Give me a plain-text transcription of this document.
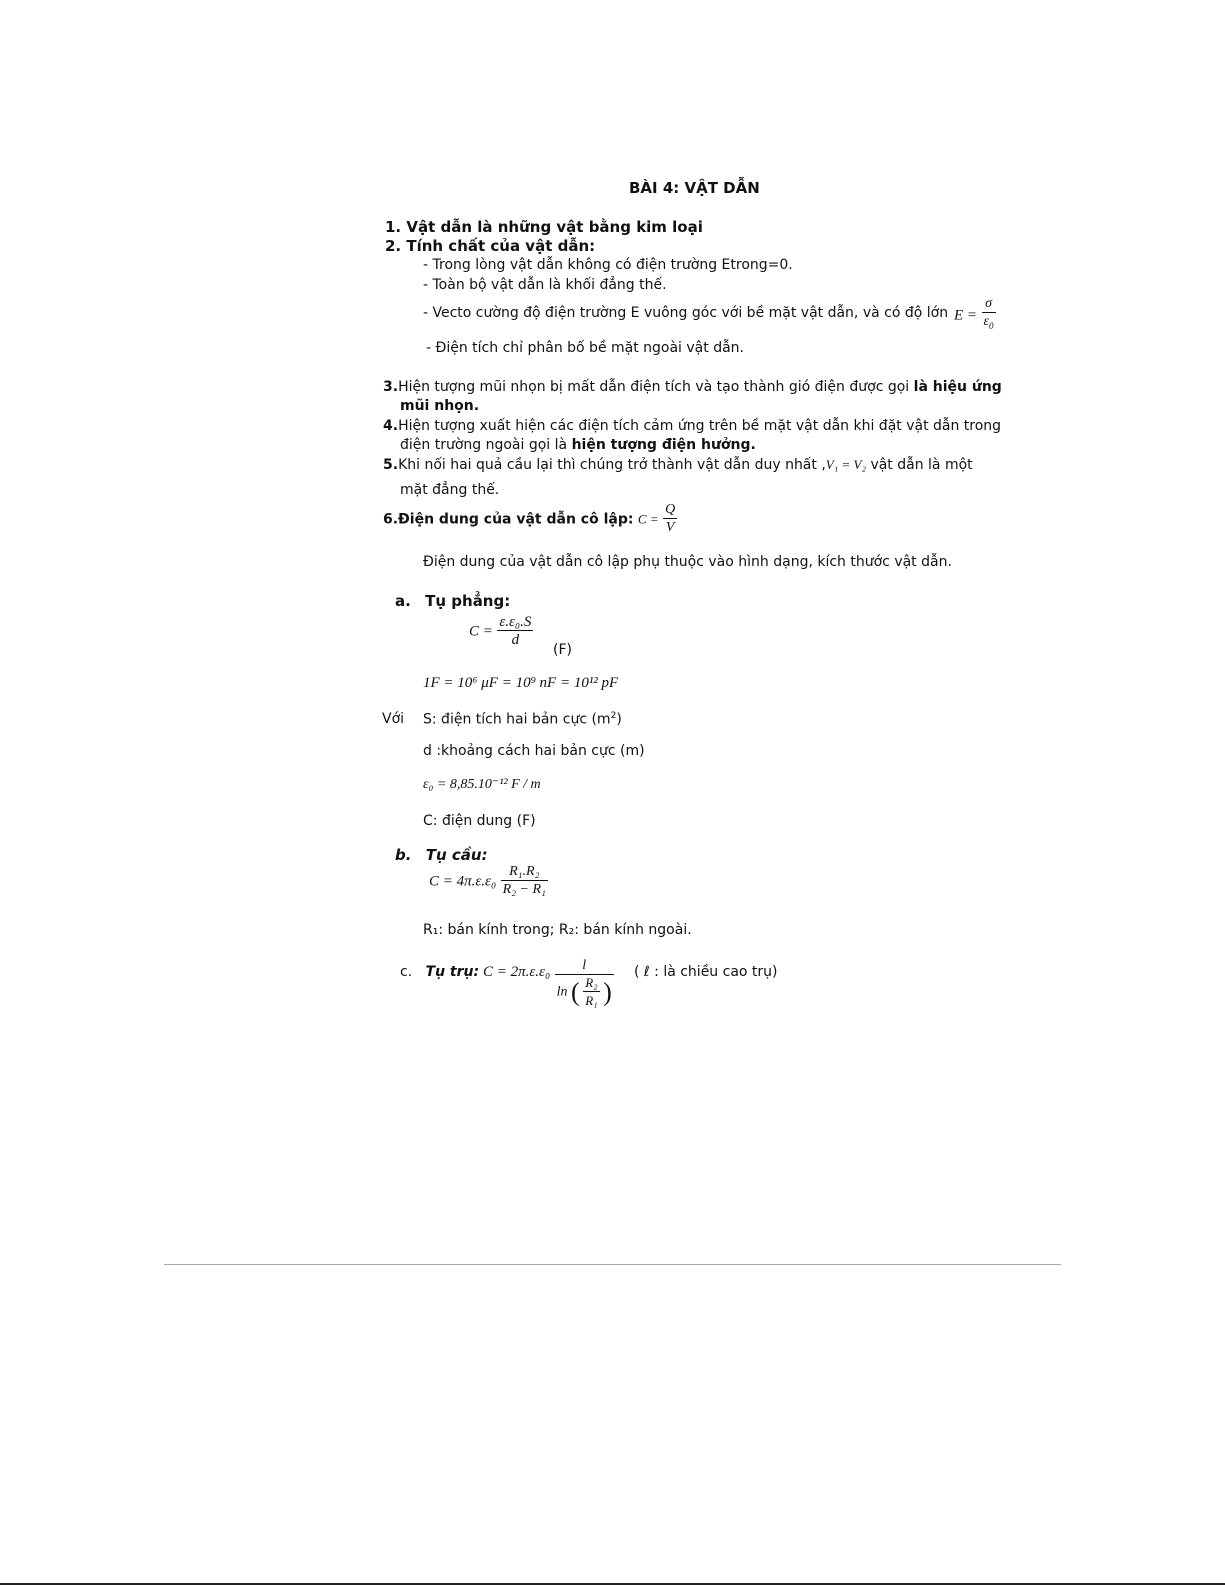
BÀI 4: VẬT DẪN
1. Vật dẫn là những vật bằng kim loại
2. Tính chất của vật dẫn:
- Trong lòng vật dẫn không có điện trường Etrong=0.
- Toàn bộ vật dẫn là khối đẳng thế.
- Vecto cường độ điện trường E vuông góc với bề mặt vật dẫn, và có độ lớn $E = \frac{\sigma}{\varepsilon_0}$
- Điện tích chỉ phân bố bề mặt ngoài vật dẫn.
3.Hiện tượng mũi nhọn bị mất dẫn điện tích và tạo thành gió điện được gọi là hiệu ứng
mũi nhọn.
4.Hiện tượng xuất hiện các điện tích cảm ứng trên bề mặt vật dẫn khi đặt vật dẫn trong
điện trường ngoài gọi là hiện tượng điện hưởng.
5.Khi nối hai quả cầu lại thì chúng trở thành vật dẫn duy nhất ,V₁ = V₂ vật dẫn là một
mặt đẳng thế.
6.Điện dung của vật dẫn cô lập: $C = \frac{Q}{V}$
Điện dung của vật dẫn cô lập phụ thuộc vào hình dạng, kích thước vật dẫn.
a. Tụ phẳng:
$C = \frac{\text{ε.ε₀.S}}{d}$
(F)
1F = 10⁶ μF = 10⁹ nF = 10¹² pF
Với S: điện tích hai bản cực $(m^2)$
d :khoảng cách hai bản cực (m)
ε₀ = 8,85.10⁻¹² F / m
C: điện dung (F)
b. Tụ cầu:
$C = 4\pi.\varepsilon.\varepsilon_0 \frac{\text{R₁.R₂}}{\text{R₂ − R₁}}$
R₁: bán kính trong; R₂: bán kính ngoài.
c. Tụ trụ: C = 2π.ε.ε₀	l
ln ( $\frac{\text{R₂}}{\text{R₁}}$ )
( ℓ : là chiều cao trụ)
